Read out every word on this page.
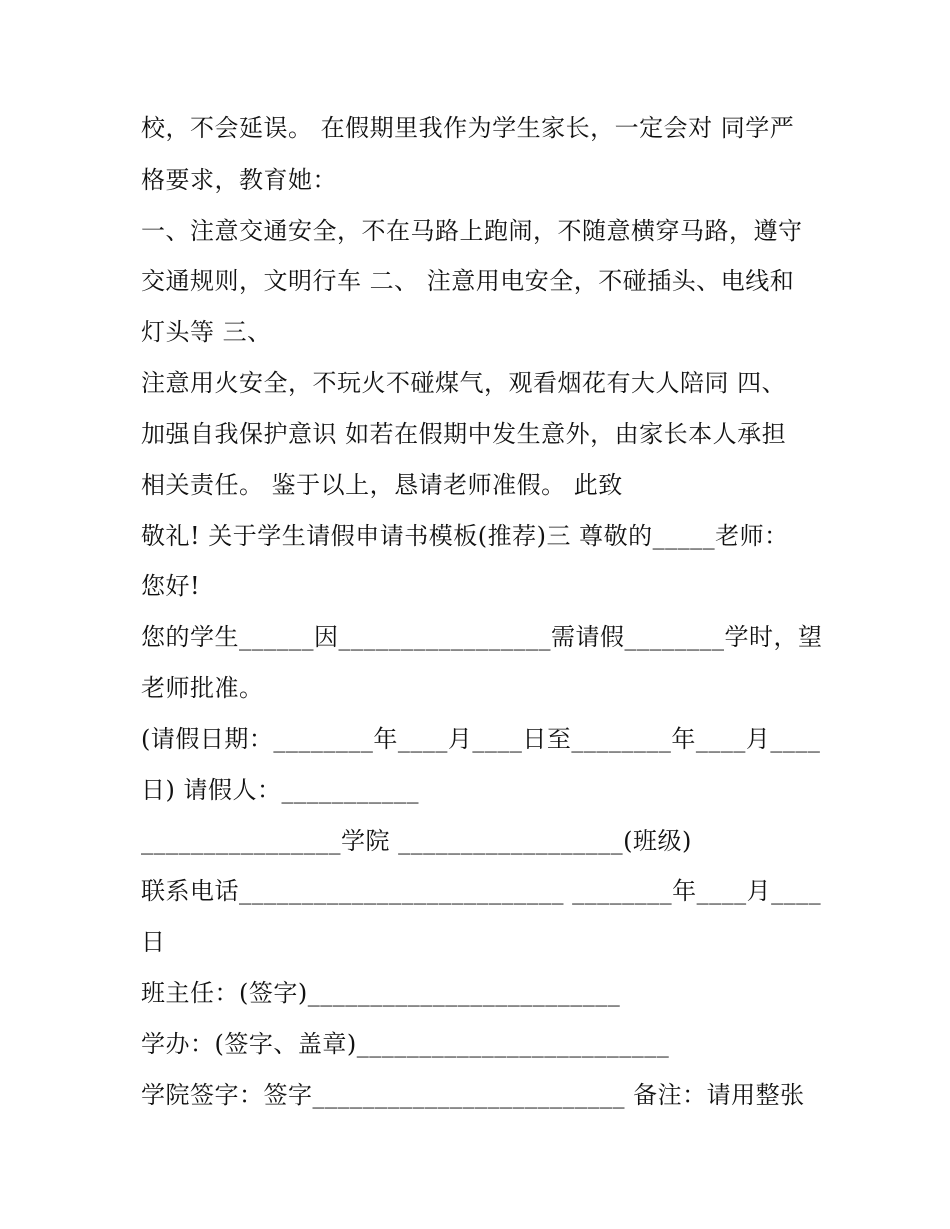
校，不会延误。 在假期里我作为学生家长，一定会对 同学严
格要求，教育她：
一、注意交通安全，不在马路上跑闹，不随意横穿马路，遵守
交通规则，文明行车 二、 注意用电安全，不碰插头、电线和
灯头等 三、
注意用火安全，不玩火不碰煤气，观看烟花有大人陪同 四、
加强自我保护意识 如若在假期中发生意外，由家长本人承担
相关责任。 鉴于以上，恳请老师准假。 此致
敬礼! 关于学生请假申请书模板(推荐)三 尊敬的_____老师：
您好!
您的学生______因_________________需请假________学时，望
老师批准。
(请假日期：________年____月____日至________年____月____
日) 请假人：___________
________________学院 __________________(班级)
联系电话__________________________ ________年____月____
日
班主任：(签字)_________________________
学办：(签字、盖章)_________________________
学院签字：签字_________________________ 备注：请用整张
